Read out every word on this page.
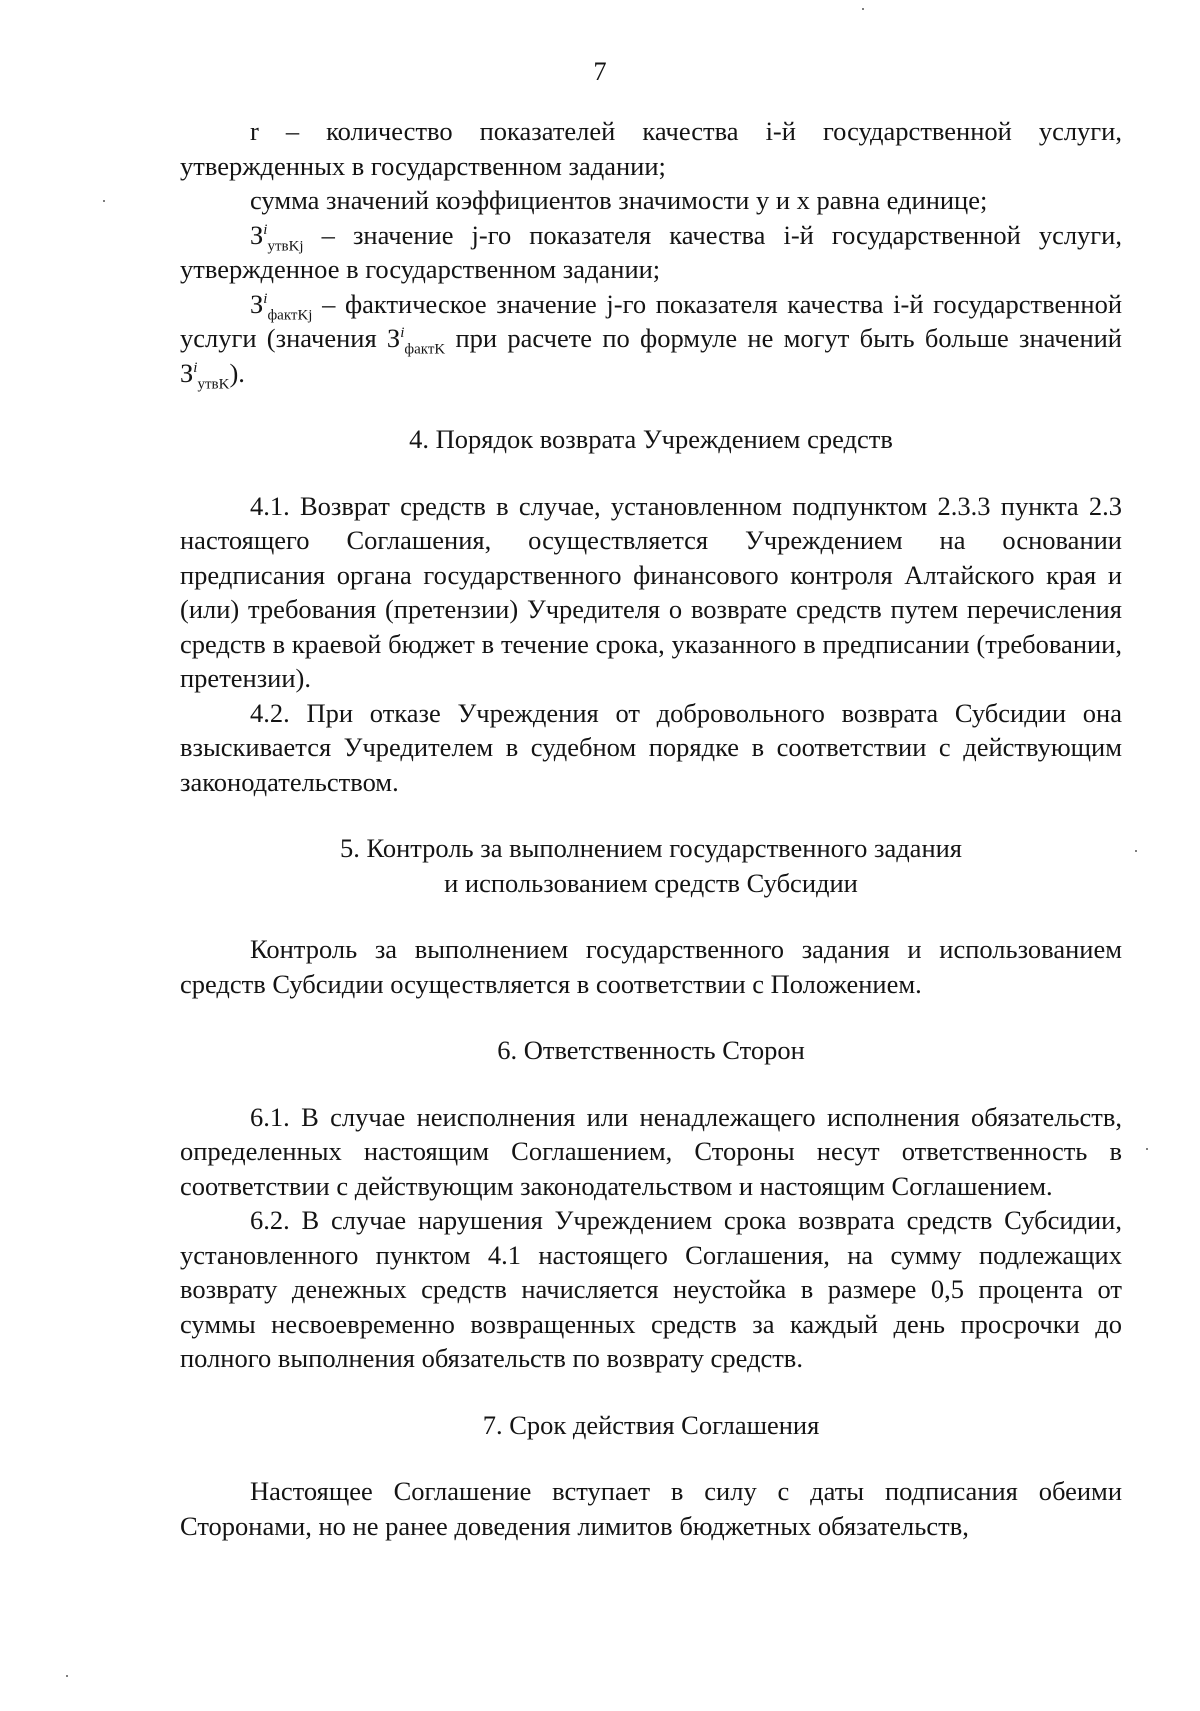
7

r – количество показателей качества i-й государственной услуги, утвержденных в государственном задании;

сумма значений коэффициентов значимости y и x равна единице;

$З^i_{утвKj}$ – значение j-го показателя качества i-й государственной услуги, утвержденное в государственном задании;

$З^i_{фактKj}$ – фактическое значение j-го показателя качества i-й государственной услуги (значения $З^i_{фактK}$ при расчете по формуле не могут быть больше значений $З^i_{утвK}$).

4. Порядок возврата Учреждением средств

4.1. Возврат средств в случае, установленном подпунктом 2.3.3 пункта 2.3 настоящего Соглашения, осуществляется Учреждением на основании предписания органа государственного финансового контроля Алтайского края и (или) требования (претензии) Учредителя о возврате средств путем перечисления средств в краевой бюджет в течение срока, указанного в предписании (требовании, претензии).

4.2. При отказе Учреждения от добровольного возврата Субсидии она взыскивается Учредителем в судебном порядке в соответствии с действующим законодательством.

5. Контроль за выполнением государственного задания

и использованием средств Субсидии

Контроль за выполнением государственного задания и использованием средств Субсидии осуществляется в соответствии с Положением.

6. Ответственность Сторон

6.1. В случае неисполнения или ненадлежащего исполнения обязательств, определенных настоящим Соглашением, Стороны несут ответственность в соответствии с действующим законодательством и настоящим Соглашением.

6.2. В случае нарушения Учреждением срока возврата средств Субсидии, установленного пунктом 4.1 настоящего Соглашения, на сумму подлежащих возврату денежных средств начисляется неустойка в размере 0,5 процента от суммы несвоевременно возвращенных средств за каждый день просрочки до полного выполнения обязательств по возврату средств.

7. Срок действия Соглашения

Настоящее Соглашение вступает в силу с даты подписания обеими Сторонами, но не ранее доведения лимитов бюджетных обязательств,
